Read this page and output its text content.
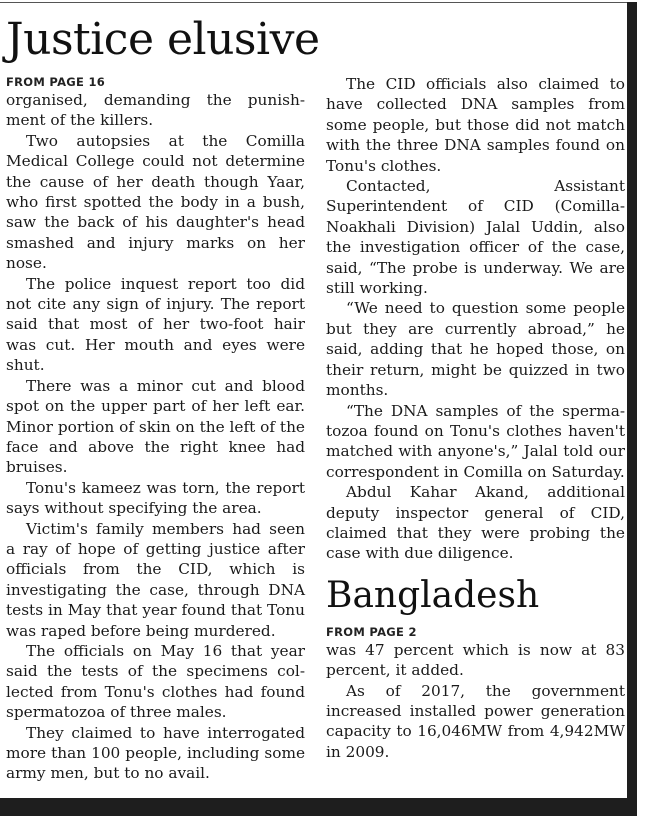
Justice elusive
FROM PAGE 16

organised, demanding the punishment of the killers.

Two autopsies at the Comilla Medical College could not determine the cause of her death though Yaar, who first spotted the body in a bush, saw the back of his daughter's head smashed and injury marks on her nose.

The police inquest report too did not cite any sign of injury. The report said that most of her two-foot hair was cut. Her mouth and eyes were shut.

There was a minor cut and blood spot on the upper part of her left ear. Minor portion of skin on the left of the face and above the right knee had bruises.

Tonu's kameez was torn, the report says without specifying the area.

Victim's family members had seen a ray of hope of getting justice after officials from the CID, which is investigating the case, through DNA tests in May that year found that Tonu was raped before being murdered.

The officials on May 16 that year said the tests of the specimens collected from Tonu's clothes had found spermatozoa of three males.

They claimed to have interrogated more than 100 people, including some army men, but to no avail.

The CID officials also claimed to have collected DNA samples from some people, but those did not match with the three DNA samples found on Tonu's clothes.

Contacted, Assistant Superintendent of CID (Comilla-Noakhali Division) Jalal Uddin, also the investigation officer of the case, said, “The probe is underway. We are still working.

“We need to question some people but they are currently abroad,” he said, adding that he hoped those, on their return, might be quizzed in two months.

“The DNA samples of the spermatozoa found on Tonu's clothes haven't matched with anyone's,” Jalal told our correspondent in Comilla on Saturday.

Abdul Kahar Akand, additional deputy inspector general of CID, claimed that they were probing the case with due diligence.

Bangladesh
FROM PAGE 2

was 47 percent which is now at 83 percent, it added.

As of 2017, the government increased installed power generation capacity to 16,046MW from 4,942MW in 2009.
